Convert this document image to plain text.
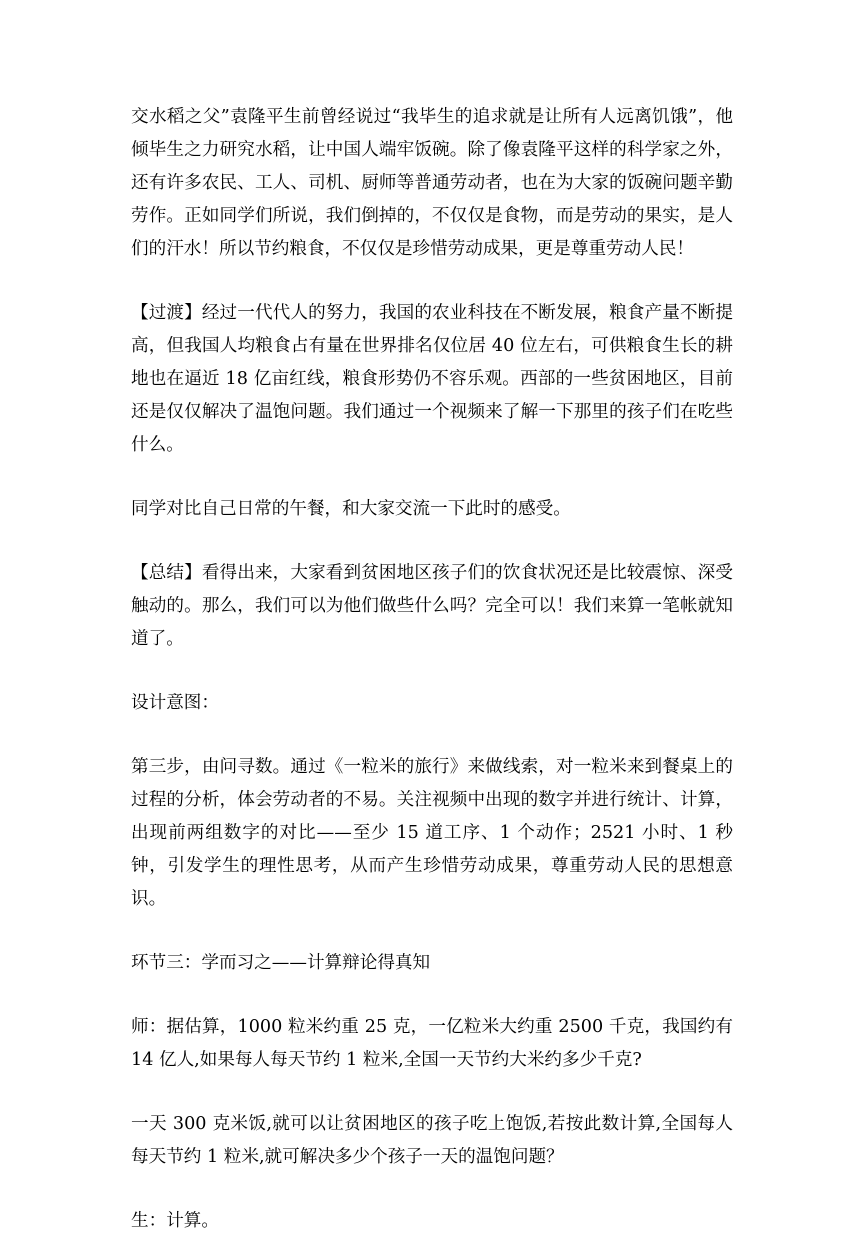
交水稻之父”袁隆平生前曾经说过“我毕生的追求就是让所有人远离饥饿”，他倾毕生之力研究水稻，让中国人端牢饭碗。除了像袁隆平这样的科学家之外，还有许多农民、工人、司机、厨师等普通劳动者，也在为大家的饭碗问题辛勤劳作。正如同学们所说，我们倒掉的，不仅仅是食物，而是劳动的果实，是人们的汗水！所以节约粮食，不仅仅是珍惜劳动成果，更是尊重劳动人民！

【过渡】经过一代代人的努力，我国的农业科技在不断发展，粮食产量不断提高，但我国人均粮食占有量在世界排名仅位居 40 位左右，可供粮食生长的耕地也在逼近 18 亿亩红线，粮食形势仍不容乐观。西部的一些贫困地区，目前还是仅仅解决了温饱问题。我们通过一个视频来了解一下那里的孩子们在吃些什么。

同学对比自己日常的午餐，和大家交流一下此时的感受。

【总结】看得出来，大家看到贫困地区孩子们的饮食状况还是比较震惊、深受触动的。那么，我们可以为他们做些什么吗？完全可以！我们来算一笔帐就知道了。

设计意图：

第三步，由问寻数。通过《一粒米的旅行》来做线索，对一粒米来到餐桌上的过程的分析，体会劳动者的不易。关注视频中出现的数字并进行统计、计算，出现前两组数字的对比——至少 15 道工序、1 个动作；2521 小时、1 秒钟，引发学生的理性思考，从而产生珍惜劳动成果，尊重劳动人民的思想意识。

环节三：学而习之——计算辩论得真知

师：据估算，1000 粒米约重 25 克，一亿粒米大约重 2500 千克，我国约有 14 亿人,如果每人每天节约 1 粒米,全国一天节约大米约多少千克?

一天 300 克米饭,就可以让贫困地区的孩子吃上饱饭,若按此数计算,全国每人每天节约 1 粒米,就可解决多少个孩子一天的温饱问题？

生：计算。
